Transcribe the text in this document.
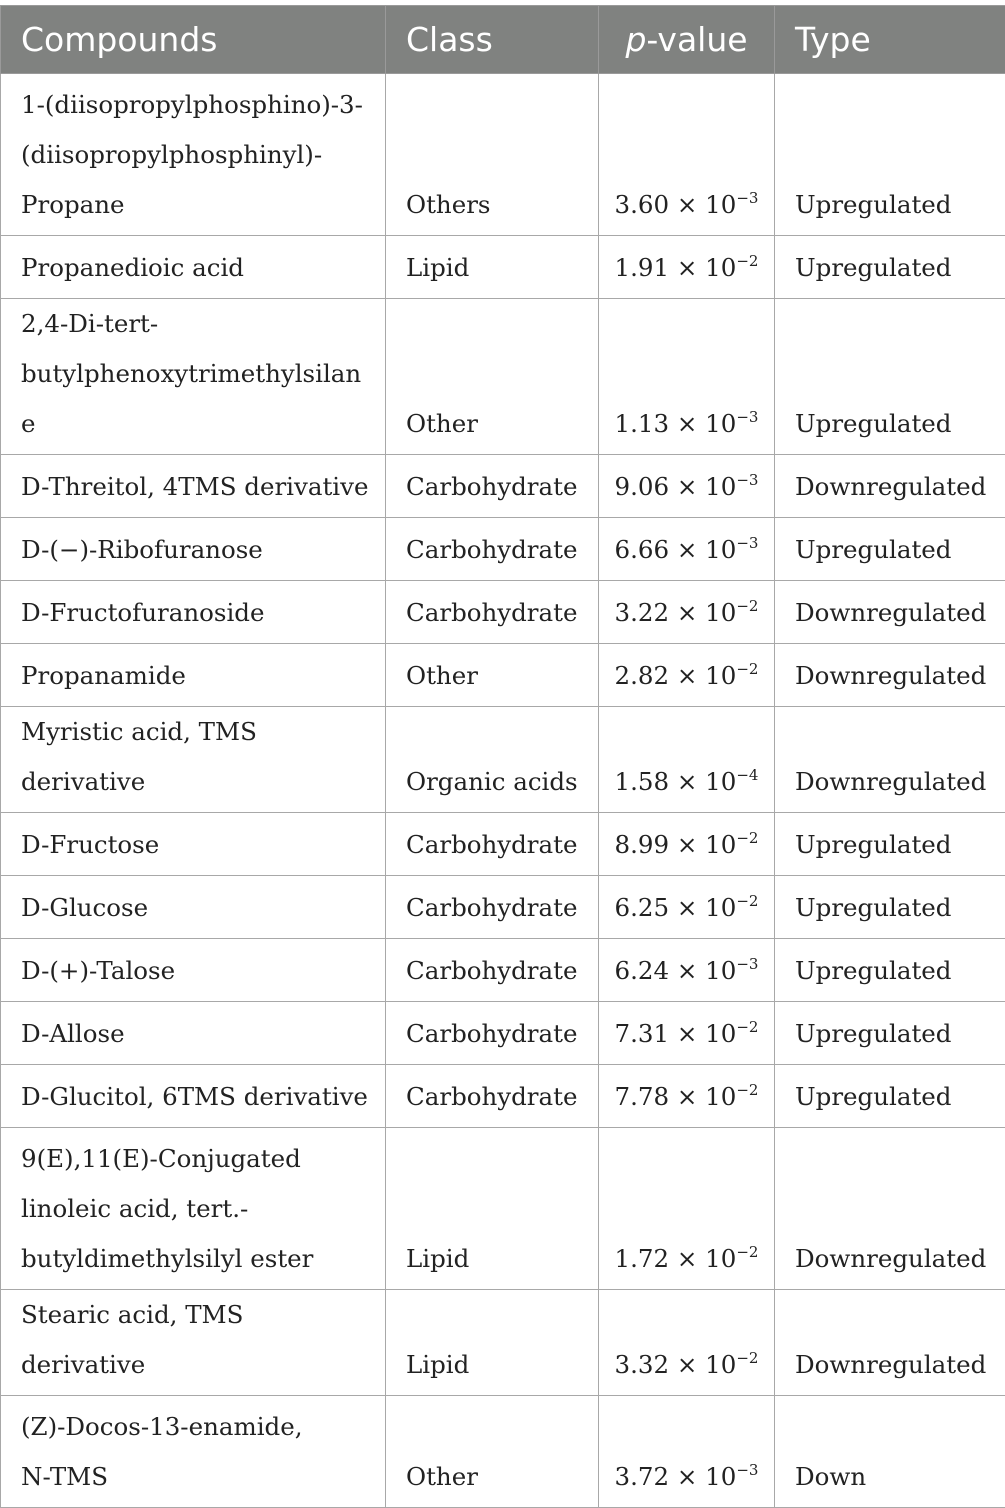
Compounds	Class	p-value	Type
1-(diisopropylphosphino)-3-
(diisopropylphosphinyl)-
Propane	Others	$3.60 \times 10^{-3}$	Upregulated
Propanedioic acid	Lipid	$1.91 \times 10^{-2}$	Upregulated
2,4-Di-tert-
butylphenoxytrimethylsilane	Other	$1.13 \times 10^{-3}$	Upregulated
D-Threitol, 4TMS derivative	Carbohydrate	$9.06 \times 10^{-3}$	Downregulated
D-(−)-Ribofuranose	Carbohydrate	$6.66 \times 10^{-3}$	Upregulated
D-Fructofuranoside	Carbohydrate	$3.22 \times 10^{-2}$	Downregulated
Propanamide	Other	$2.82 \times 10^{-2}$	Downregulated
Myristic acid, TMS derivative	Organic acids	$1.58 \times 10^{-4}$	Downregulated
D-Fructose	Carbohydrate	$8.99 \times 10^{-2}$	Upregulated
D-Glucose	Carbohydrate	$6.25 \times 10^{-2}$	Upregulated
D-(+)-Talose	Carbohydrate	$6.24 \times 10^{-3}$	Upregulated
D-Allose	Carbohydrate	$7.31 \times 10^{-2}$	Upregulated
D-Glucitol, 6TMS derivative	Carbohydrate	$7.78 \times 10^{-2}$	Upregulated
9(E),11(E)-Conjugated
linoleic acid, tert.-
butyldimethylsilyl ester	Lipid	$1.72 \times 10^{-2}$	Downregulated
Stearic acid, TMS derivative	Lipid	$3.32 \times 10^{-2}$	Downregulated
(Z)-Docos-13-enamide,
N-TMS	Other	$3.72 \times 10^{-3}$	Down
